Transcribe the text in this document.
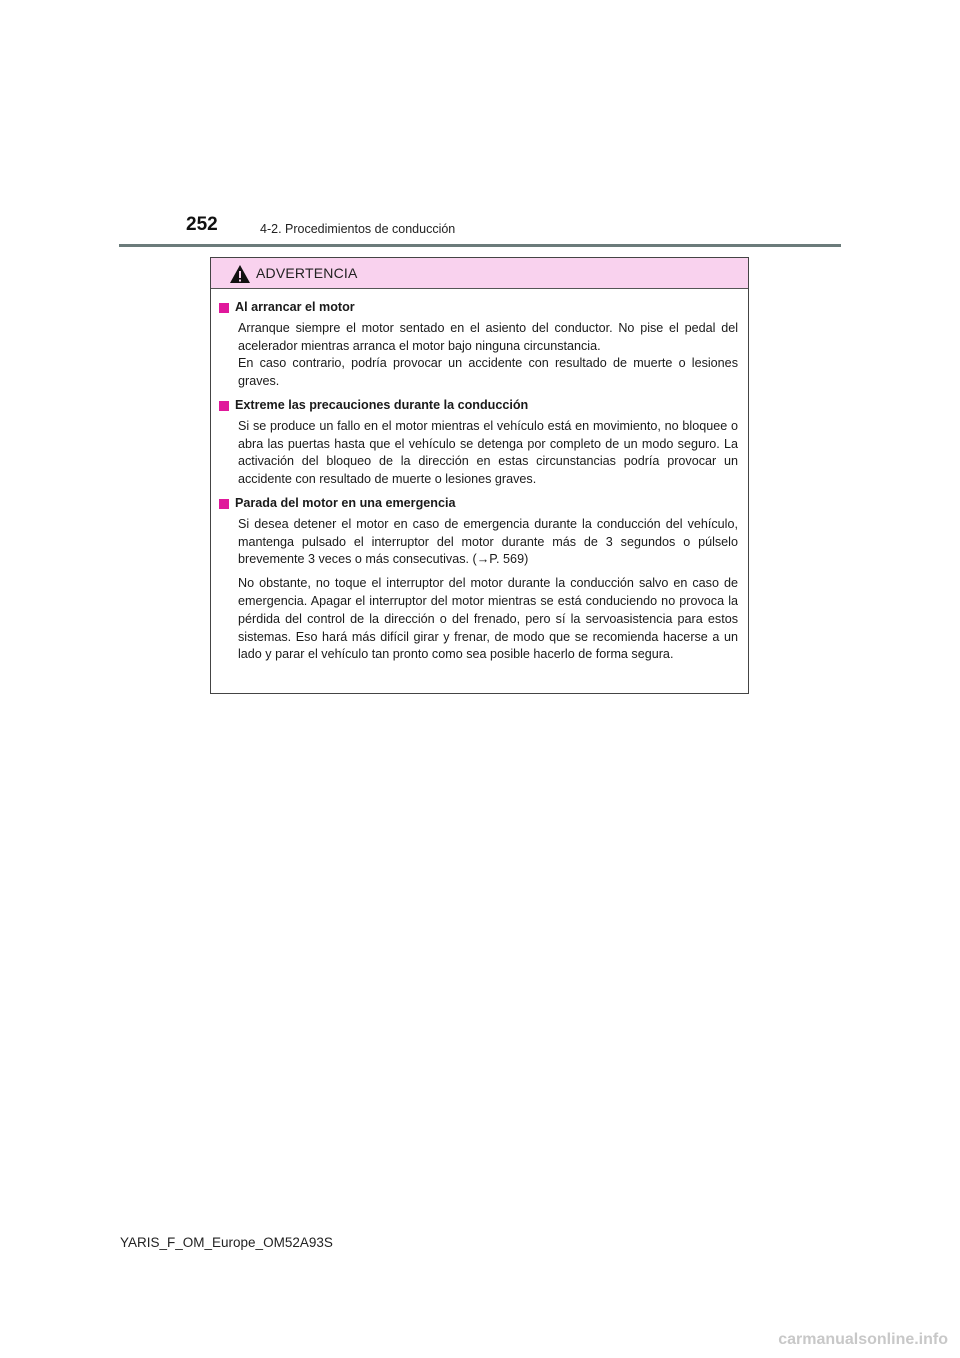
252	4-2. Procedimientos de conducción
ADVERTENCIA
Al arrancar el motor

Arranque siempre el motor sentado en el asiento del conductor. No pise el pedal del acelerador mientras arranca el motor bajo ninguna circunstancia.

En caso contrario, podría provocar un accidente con resultado de muerte o lesiones graves.

Extreme las precauciones durante la conducción

Si se produce un fallo en el motor mientras el vehículo está en movimiento, no bloquee o abra las puertas hasta que el vehículo se detenga por completo de un modo seguro. La activación del bloqueo de la dirección en estas circunstancias podría provocar un accidente con resultado de muerte o lesiones graves.

Parada del motor en una emergencia

Si desea detener el motor en caso de emergencia durante la conducción del vehículo, mantenga pulsado el interruptor del motor durante más de 3 segundos o púlselo brevemente 3 veces o más consecutivas. (→P. 569)

No obstante, no toque el interruptor del motor durante la conducción salvo en caso de emergencia. Apagar el interruptor del motor mientras se está conduciendo no provoca la pérdida del control de la dirección o del frenado, pero sí la servoasistencia para estos sistemas. Eso hará más difícil girar y frenar, de modo que se recomienda hacerse a un lado y parar el vehículo tan pronto como sea posible hacerlo de forma segura.

YARIS_F_OM_Europe_OM52A93S
carmanualsonline.info
